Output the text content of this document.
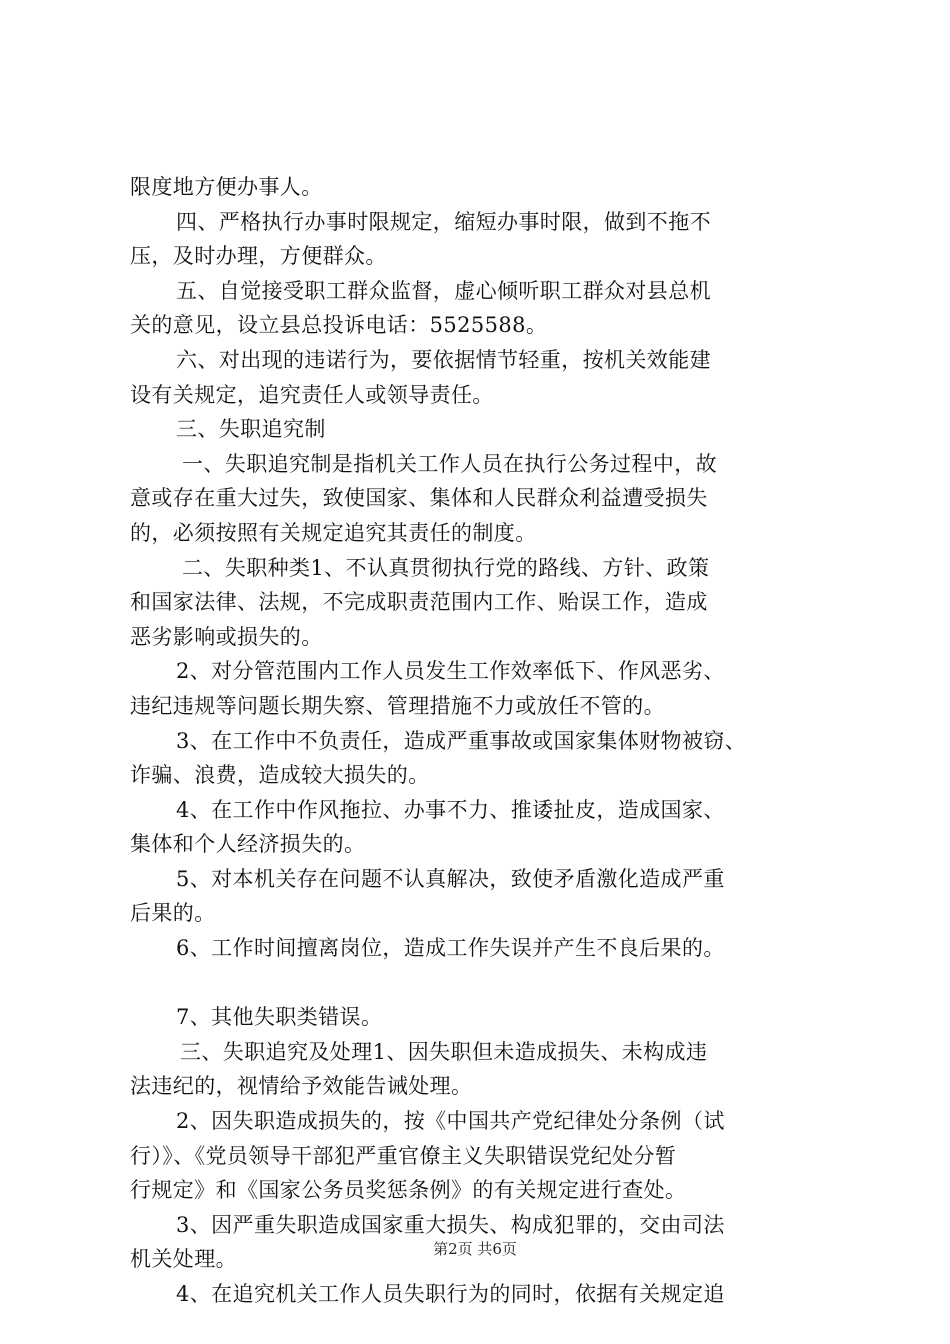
限度地方便办事人。
四、严格执行办事时限规定，缩短办事时限，做到不拖不
压，及时办理，方便群众。
五、自觉接受职工群众监督，虚心倾听职工群众对县总机
关的意见，设立县总投诉电话：5525588。
六、对出现的违诺行为，要依据情节轻重，按机关效能建
设有关规定，追究责任人或领导责任。
三、失职追究制
一、失职追究制是指机关工作人员在执行公务过程中，故
意或存在重大过失，致使国家、集体和人民群众利益遭受损失
的，必须按照有关规定追究其责任的制度。
二、失职种类1、不认真贯彻执行党的路线、方针、政策
和国家法律、法规，不完成职责范围内工作、贻误工作，造成
恶劣影响或损失的。
2、对分管范围内工作人员发生工作效率低下、作风恶劣、
违纪违规等问题长期失察、管理措施不力或放任不管的。
3、在工作中不负责任，造成严重事故或国家集体财物被窃、
诈骗、浪费，造成较大损失的。
4、在工作中作风拖拉、办事不力、推诿扯皮，造成国家、
集体和个人经济损失的。
5、对本机关存在问题不认真解决，致使矛盾激化造成严重
后果的。
6、工作时间擅离岗位，造成工作失误并产生不良后果的。
7、其他失职类错误。
三、失职追究及处理1、因失职但未造成损失、未构成违
法违纪的，视情给予效能告诫处理。
2、因失职造成损失的，按《中国共产党纪律处分条例（试
行）》、《党员领导干部犯严重官僚主义失职错误党纪处分暂
行规定》和《国家公务员奖惩条例》的有关规定进行查处。
3、因严重失职造成国家重大损失、构成犯罪的，交由司法
机关处理。
4、在追究机关工作人员失职行为的同时，依据有关规定追
第2页 共6页
